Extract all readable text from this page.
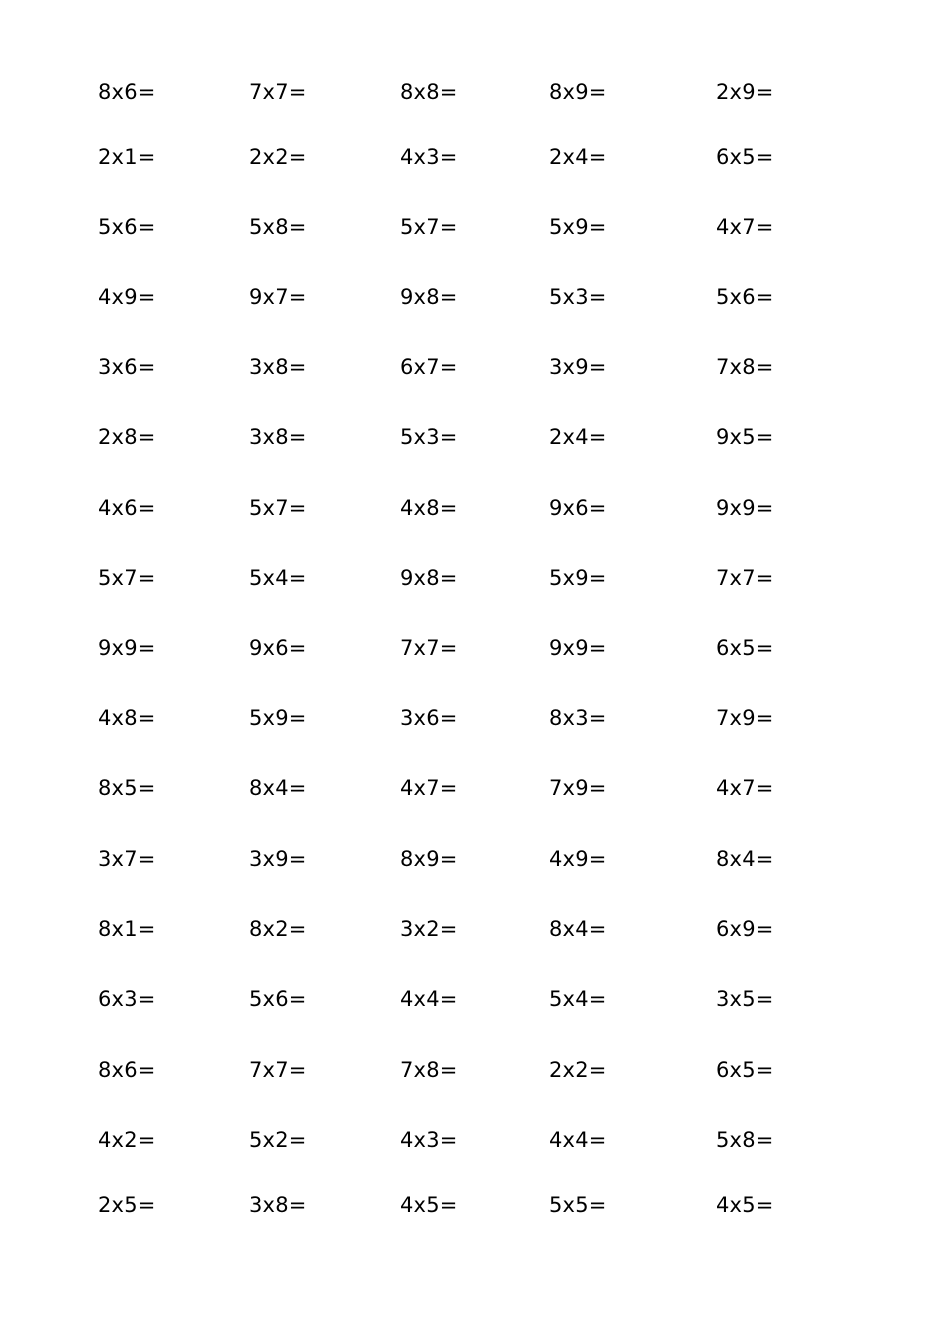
8x6=	7x7=	8x8=	8x9=	2x9=
2x1=	2x2=	4x3=	2x4=	6x5=
5x6=	5x8=	5x7=	5x9=	4x7=
4x9=	9x7=	9x8=	5x3=	5x6=
3x6=	3x8=	6x7=	3x9=	7x8=
2x8=	3x8=	5x3=	2x4=	9x5=
4x6=	5x7=	4x8=	9x6=	9x9=
5x7=	5x4=	9x8=	5x9=	7x7=
9x9=	9x6=	7x7=	9x9=	6x5=
4x8=	5x9=	3x6=	8x3=	7x9=
8x5=	8x4=	4x7=	7x9=	4x7=
3x7=	3x9=	8x9=	4x9=	8x4=
8x1=	8x2=	3x2=	8x4=	6x9=
6x3=	5x6=	4x4=	5x4=	3x5=
8x6=	7x7=	7x8=	2x2=	6x5=
4x2=	5x2=	4x3=	4x4=	5x8=
2x5=	3x8=	4x5=	5x5=	4x5=
